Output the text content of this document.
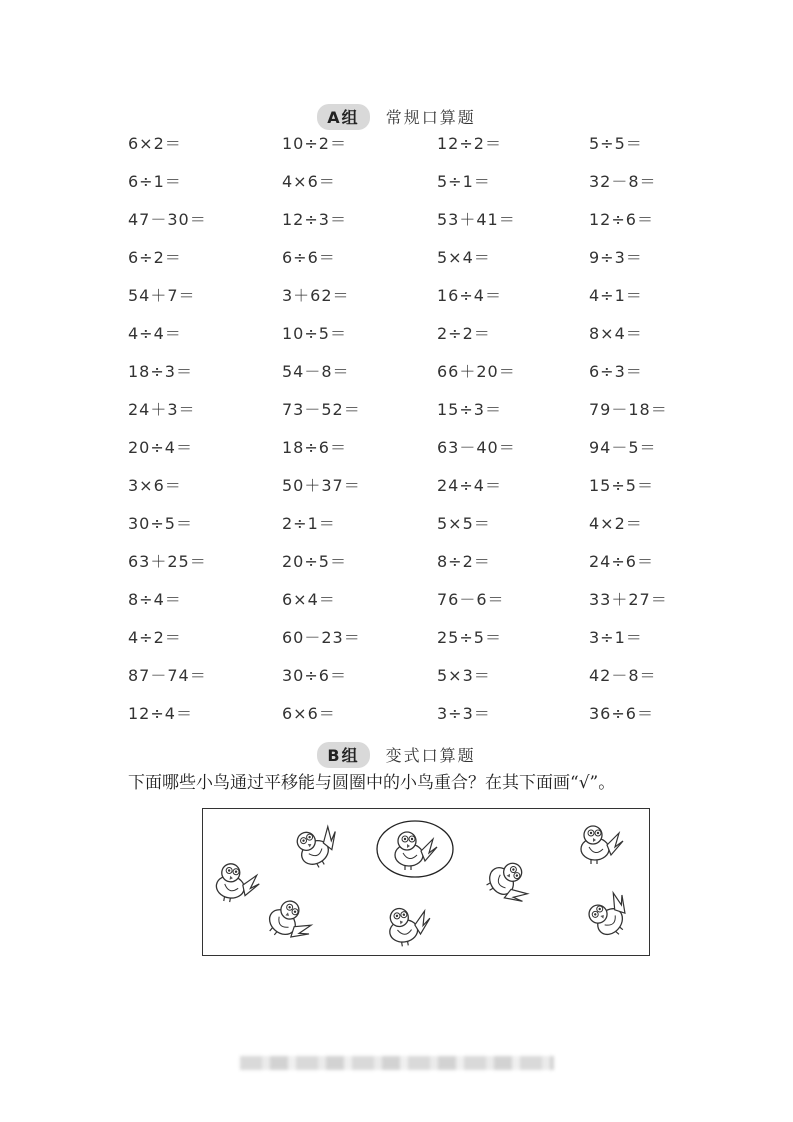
A组 常规口算题
6×2＝	10÷2＝	12÷2＝	5÷5＝
6÷1＝	4×6＝	5÷1＝	32－8＝
47－30＝	12÷3＝	53＋41＝	12÷6＝
6÷2＝	6÷6＝	5×4＝	9÷3＝
54＋7＝	3＋62＝	16÷4＝	4÷1＝
4÷4＝	10÷5＝	2÷2＝	8×4＝
18÷3＝	54－8＝	66＋20＝	6÷3＝
24＋3＝	73－52＝	15÷3＝	79－18＝
20÷4＝	18÷6＝	63－40＝	94－5＝
3×6＝	50＋37＝	24÷4＝	15÷5＝
30÷5＝	2÷1＝	5×5＝	4×2＝
63＋25＝	20÷5＝	8÷2＝	24÷6＝
8÷4＝	6×4＝	76－6＝	33＋27＝
4÷2＝	60－23＝	25÷5＝	3÷1＝
87－74＝	30÷6＝	5×3＝	42－8＝
12÷4＝	6×6＝	3÷3＝	36÷6＝
B组 变式口算题
下面哪些小鸟通过平移能与圆圈中的小鸟重合？在其下面画“√”。
